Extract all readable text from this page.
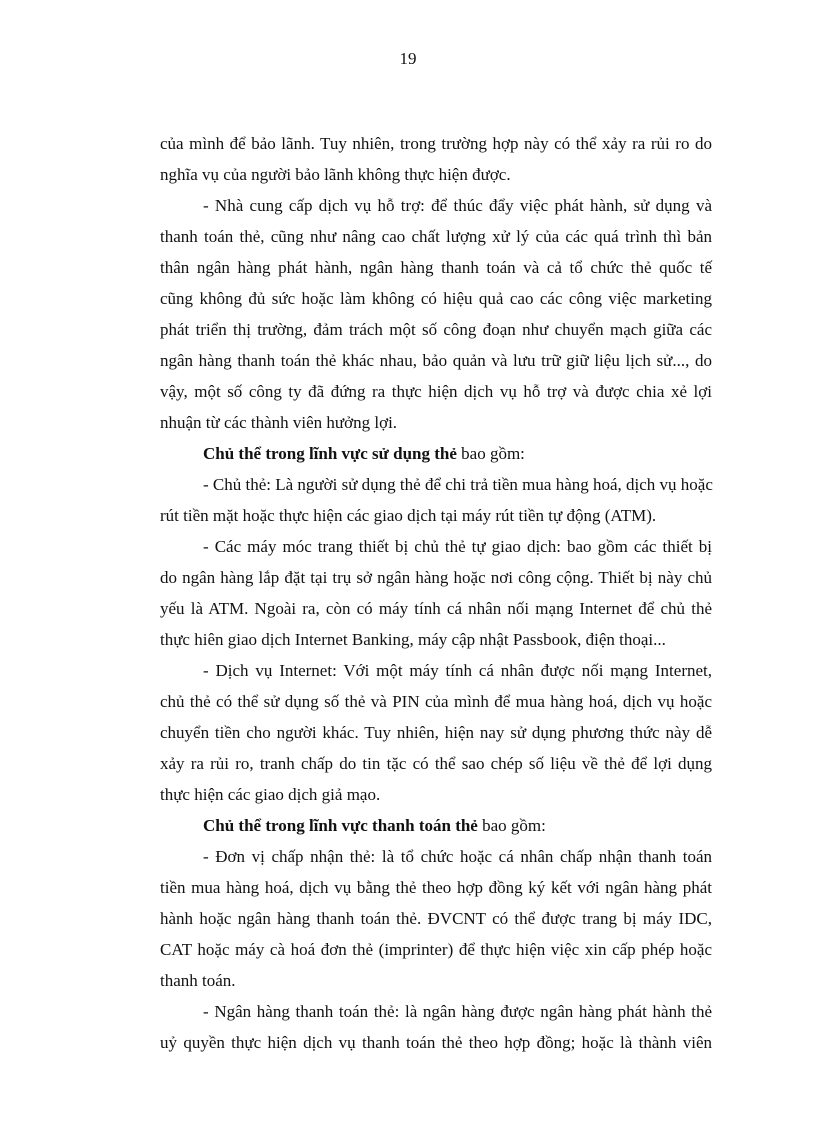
19
của mình để bảo lãnh. Tuy nhiên, trong trường hợp này có thể xảy ra rủi ro do
nghĩa vụ của người bảo lãnh không thực hiện được.
- Nhà cung cấp dịch vụ hỗ trợ: để thúc đẩy việc phát hành, sử dụng và
thanh toán thẻ, cũng như nâng cao chất lượng xử lý của các quá trình thì bản
thân ngân hàng phát hành, ngân hàng thanh toán và cả tổ chức thẻ quốc tế
cũng không đủ sức hoặc làm không có hiệu quả cao các công việc marketing
phát triển thị trường, đảm trách một số công đoạn như chuyển mạch giữa các
ngân hàng thanh toán thẻ khác nhau, bảo quản và lưu trữ giữ liệu lịch sử..., do
vậy, một số công ty đã đứng ra thực hiện dịch vụ hỗ trợ và được chia xẻ lợi
nhuận từ các thành viên hưởng lợi.
Chủ thể trong lĩnh vực sử dụng thẻ bao gồm:
- Chủ thẻ: Là người sử dụng thẻ để chi trả tiền mua hàng hoá, dịch vụ hoặc
rút tiền mặt hoặc thực hiện các giao dịch tại máy rút tiền tự động (ATM).
- Các máy móc trang thiết bị chủ thẻ tự giao dịch: bao gồm các thiết bị
do ngân hàng lắp đặt tại trụ sở ngân hàng hoặc nơi công cộng. Thiết bị này chủ
yếu là ATM. Ngoài ra, còn có máy tính cá nhân nối mạng Internet để chủ thẻ
thực hiên giao dịch Internet Banking, máy cập nhật Passbook, điện thoại...
- Dịch vụ Internet: Với một máy tính cá nhân được nối mạng Internet,
chủ thẻ có thể sử dụng số thẻ và PIN của mình để mua hàng hoá, dịch vụ hoặc
chuyển tiền cho người khác. Tuy nhiên, hiện nay sử dụng phương thức này dễ
xảy ra rủi ro, tranh chấp do tin tặc có thể sao chép số liệu về thẻ để lợi dụng
thực hiện các giao dịch giả mạo.
Chủ thể trong lĩnh vực thanh toán thẻ bao gồm:
- Đơn vị chấp nhận thẻ: là tổ chức hoặc cá nhân chấp nhận thanh toán
tiền mua hàng hoá, dịch vụ bằng thẻ theo hợp đồng ký kết với ngân hàng phát
hành hoặc ngân hàng thanh toán thẻ. ĐVCNT có thể được trang bị máy IDC,
CAT hoặc máy cà hoá đơn thẻ (imprinter) để thực hiện việc xin cấp phép hoặc
thanh toán.
- Ngân hàng thanh toán thẻ: là ngân hàng được ngân hàng phát hành thẻ
uỷ quyền thực hiện dịch vụ thanh toán thẻ theo hợp đồng; hoặc là thành viên
